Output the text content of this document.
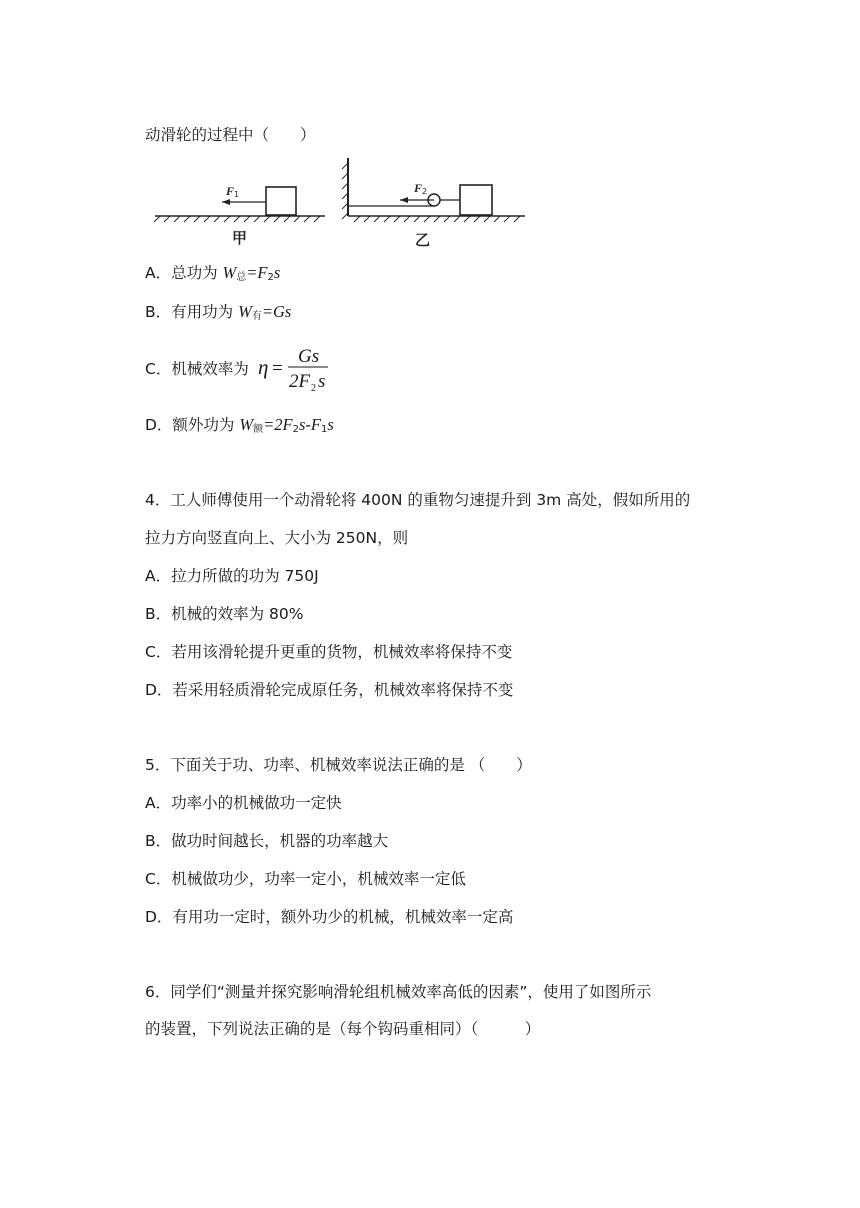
动滑轮的过程中（　　）
F	F
1	2
甲	乙
A．总功为 $W_总=F_2s$
B．有用功为 $W_有=Gs$
C．机械效率为 η =
Gs
2F 2 s
D．额外功为 $W_额=2F_2s-F_1s$
4．工人师傅使用一个动滑轮将 400N 的重物匀速提升到 3m 高处，假如所用的
拉力方向竖直向上、大小为 250N，则
A．拉力所做的功为 750J
B．机械的效率为 80%
C．若用该滑轮提升更重的货物，机械效率将保持不变
D．若采用轻质滑轮完成原任务，机械效率将保持不变
5．下面关于功、功率、机械效率说法正确的是 （　　）
A．功率小的机械做功一定快
B．做功时间越长，机器的功率越大
C．机械做功少，功率一定小，机械效率一定低
D．有用功一定时，额外功少的机械，机械效率一定高
6．同学们“测量并探究影响滑轮组机械效率高低的因素”，使用了如图所示
的装置，下列说法正确的是（每个钩码重相同）（　　　）
